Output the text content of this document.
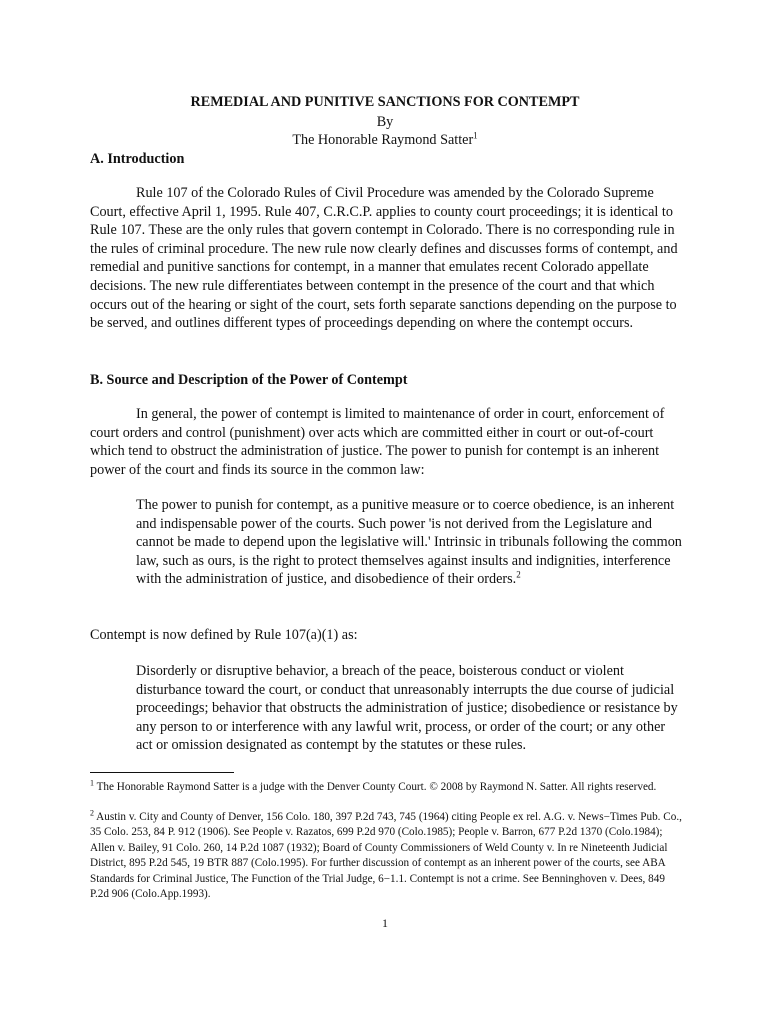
REMEDIAL AND PUNITIVE SANCTIONS FOR CONTEMPT

By

The Honorable Raymond Satter$^1$

A. Introduction

Rule 107 of the Colorado Rules of Civil Procedure was amended by the Colorado Supreme Court, effective April 1, 1995. Rule 407, C.R.C.P. applies to county court proceedings; it is identical to Rule 107. These are the only rules that govern contempt in Colorado. There is no corresponding rule in the rules of criminal procedure. The new rule now clearly defines and discusses forms of contempt, and remedial and punitive sanctions for contempt, in a manner that emulates recent Colorado appellate decisions. The new rule differentiates between contempt in the presence of the court and that which occurs out of the hearing or sight of the court, sets forth separate sanctions depending on the purpose to be served, and outlines different types of proceedings depending on where the contempt occurs.

B. Source and Description of the Power of Contempt

In general, the power of contempt is limited to maintenance of order in court, enforcement of court orders and control (punishment) over acts which are committed either in court or out-of-court which tend to obstruct the administration of justice. The power to punish for contempt is an inherent power of the court and finds its source in the common law:

The power to punish for contempt, as a punitive measure or to coerce obedience, is an inherent and indispensable power of the courts. Such power 'is not derived from the Legislature and cannot be made to depend upon the legislative will.' Intrinsic in tribunals following the common law, such as ours, is the right to protect themselves against insults and indignities, interference with the administration of justice, and disobedience of their orders.$^2$

Contempt is now defined by Rule 107(a)(1) as:

Disorderly or disruptive behavior, a breach of the peace, boisterous conduct or violent disturbance toward the court, or conduct that unreasonably interrupts the due course of judicial proceedings; behavior that obstructs the administration of justice; disobedience or resistance by any person to or interference with any lawful writ, process, or order of the court; or any other act or omission designated as contempt by the statutes or these rules.

$^1$ The Honorable Raymond Satter is a judge with the Denver County Court. © 2008 by Raymond N. Satter. All rights reserved.

$^2$ Austin v. City and County of Denver, 156 Colo. 180, 397 P.2d 743, 745 (1964) citing People ex rel. A.G. v. News−Times Pub. Co., 35 Colo. 253, 84 P. 912 (1906). See People v. Razatos, 699 P.2d 970 (Colo.1985); People v. Barron, 677 P.2d 1370 (Colo.1984); Allen v. Bailey, 91 Colo. 260, 14 P.2d 1087 (1932); Board of County Commissioners of Weld County v. In re Nineteenth Judicial District, 895 P.2d 545, 19 BTR 887 (Colo.1995). For further discussion of contempt as an inherent power of the courts, see ABA Standards for Criminal Justice, The Function of the Trial Judge, 6−1.1. Contempt is not a crime. See Benninghoven v. Dees, 849 P.2d 906 (Colo.App.1993).

1
